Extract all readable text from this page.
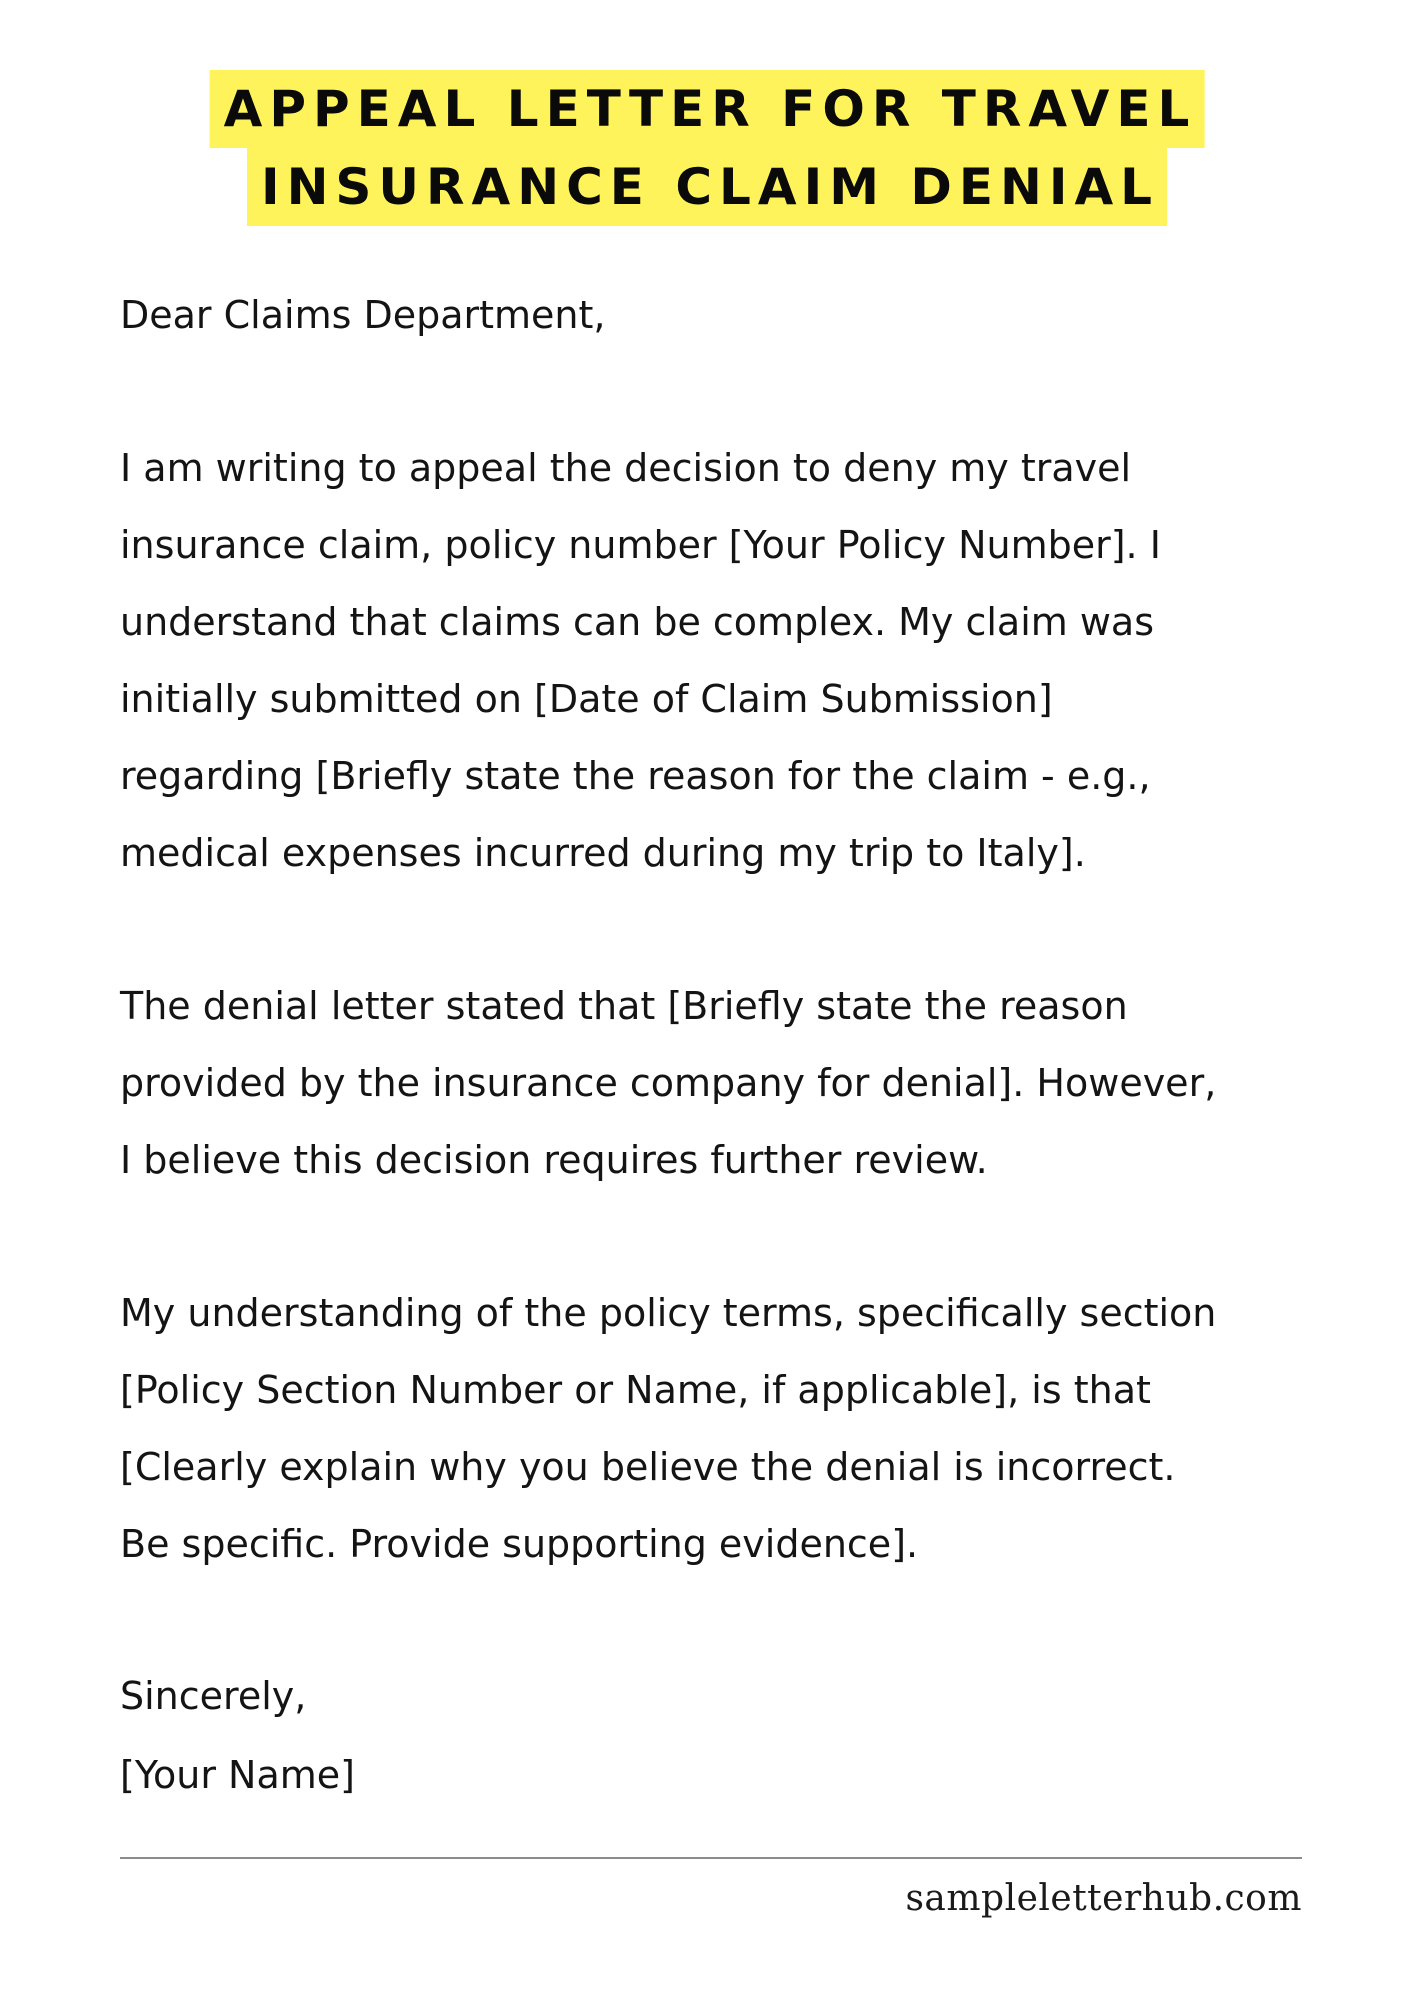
APPEAL LETTER FOR TRAVEL
INSURANCE CLAIM DENIAL
Dear Claims Department,
I am writing to appeal the decision to deny my travel
insurance claim, policy number [Your Policy Number]. I
understand that claims can be complex. My claim was
initially submitted on [Date of Claim Submission]
regarding [Briefly state the reason for the claim - e.g.,
medical expenses incurred during my trip to Italy].
The denial letter stated that [Briefly state the reason
provided by the insurance company for denial]. However,
I believe this decision requires further review.
My understanding of the policy terms, specifically section
[Policy Section Number or Name, if applicable], is that
[Clearly explain why you believe the denial is incorrect.
Be specific. Provide supporting evidence].
Sincerely,
[Your Name]
sampleletterhub.com
